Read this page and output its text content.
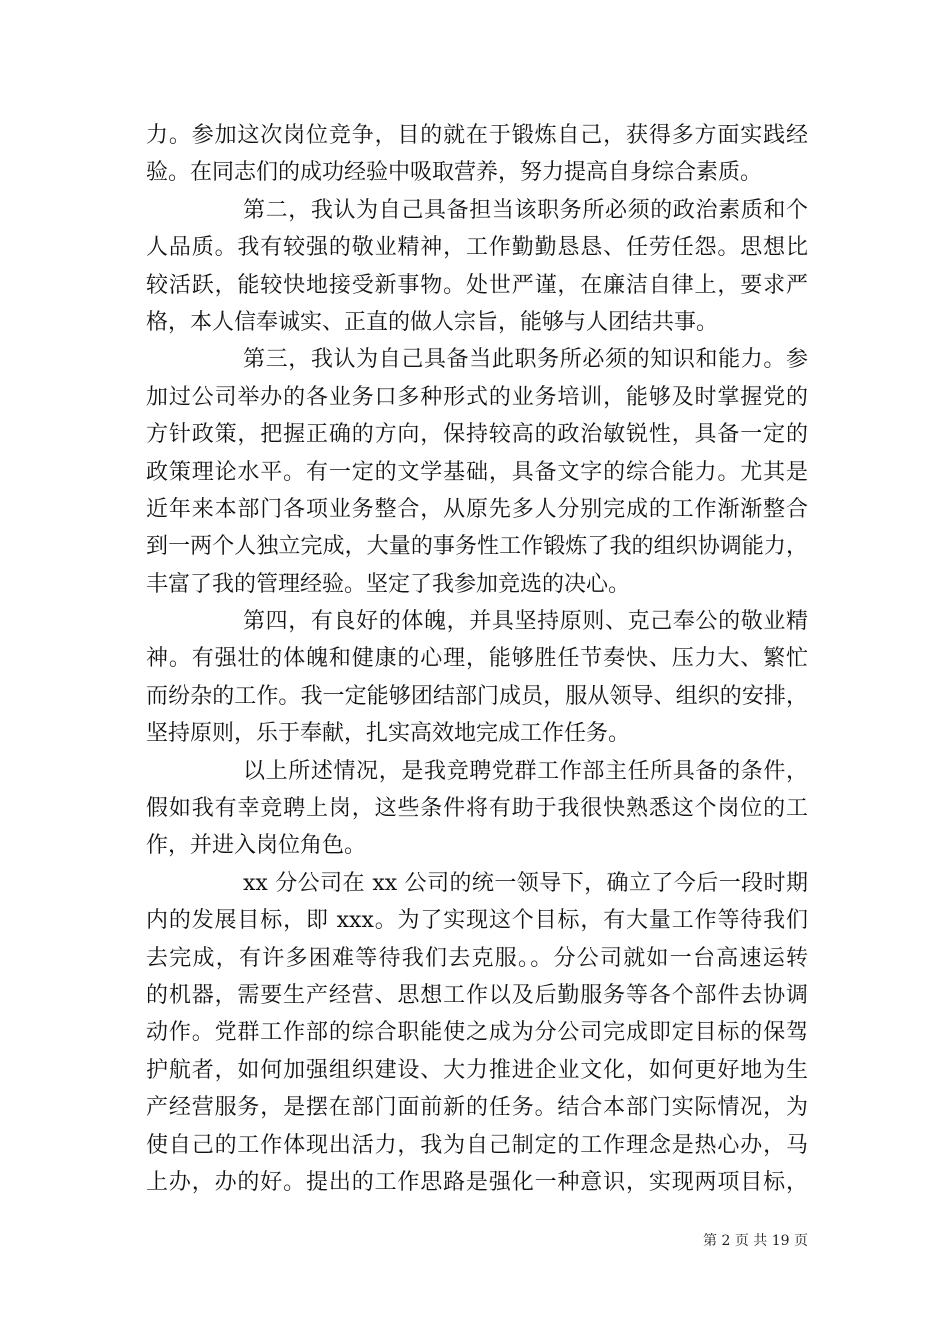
力。参加这次岗位竞争，目的就在于锻炼自己，获得多方面实践经
验。在同志们的成功经验中吸取营养，努力提高自身综合素质。
第二，我认为自己具备担当该职务所必须的政治素质和个
人品质。我有较强的敬业精神，工作勤勤恳恳、任劳任怨。思想比
较活跃，能较快地接受新事物。处世严谨，在廉洁自律上，要求严
格，本人信奉诚实、正直的做人宗旨，能够与人团结共事。
第三，我认为自己具备当此职务所必须的知识和能力。参
加过公司举办的各业务口多种形式的业务培训，能够及时掌握党的
方针政策，把握正确的方向，保持较高的政治敏锐性，具备一定的
政策理论水平。有一定的文学基础，具备文字的综合能力。尤其是
近年来本部门各项业务整合，从原先多人分别完成的工作渐渐整合
到一两个人独立完成，大量的事务性工作锻炼了我的组织协调能力，
丰富了我的管理经验。坚定了我参加竞选的决心。
第四，有良好的体魄，并具坚持原则、克己奉公的敬业精
神。有强壮的体魄和健康的心理，能够胜任节奏快、压力大、繁忙
而纷杂的工作。我一定能够团结部门成员，服从领导、组织的安排，
坚持原则，乐于奉献，扎实高效地完成工作任务。
以上所述情况，是我竞聘党群工作部主任所具备的条件，
假如我有幸竞聘上岗，这些条件将有助于我很快熟悉这个岗位的工
作，并进入岗位角色。
xx 分公司在 xx 公司的统一领导下，确立了今后一段时期
内的发展目标，即 xxx。为了实现这个目标，有大量工作等待我们
去完成，有许多困难等待我们去克服。。分公司就如一台高速运转
的机器，需要生产经营、思想工作以及后勤服务等各个部件去协调
动作。党群工作部的综合职能使之成为分公司完成即定目标的保驾
护航者，如何加强组织建设、大力推进企业文化，如何更好地为生
产经营服务，是摆在部门面前新的任务。结合本部门实际情况，为
使自己的工作体现出活力，我为自己制定的工作理念是热心办，马
上办，办的好。提出的工作思路是强化一种意识，实现两项目标，
第 2 页 共 19 页
